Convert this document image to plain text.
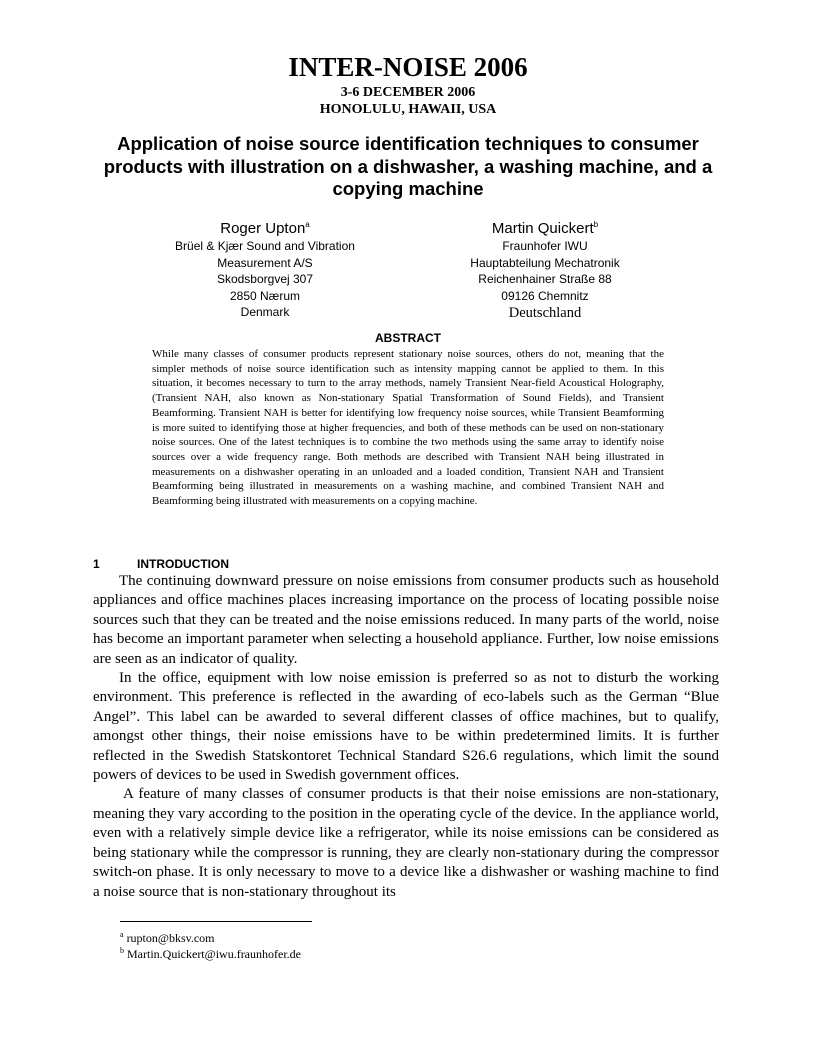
INTER-NOISE 2006
3-6 DECEMBER 2006
HONOLULU, HAWAII, USA
Application of noise source identification techniques to consumer products with illustration on a dishwasher, a washing machine, and a copying machine
Roger Upton$^a$
Brüel & Kjær Sound and Vibration
Measurement A/S
Skodsborgvej 307
2850 Nærum
Denmark
Martin Quickert$^b$
Fraunhofer IWU
Hauptabteilung Mechatronik
Reichenhainer Straße 88
09126 Chemnitz
Deutschland
ABSTRACT
While many classes of consumer products represent stationary noise sources, others do not, meaning that the simpler methods of noise source identification such as intensity mapping cannot be applied to them. In this situation, it becomes necessary to turn to the array methods, namely Transient Near-field Acoustical Holography, (Transient NAH, also known as Non-stationary Spatial Transformation of Sound Fields), and Transient Beamforming. Transient NAH is better for identifying low frequency noise sources, while Transient Beamforming is more suited to identifying those at higher frequencies, and both of these methods can be used on non-stationary noise sources. One of the latest techniques is to combine the two methods using the same array to identify noise sources over a wide frequency range. Both methods are described with Transient NAH being illustrated in measurements on a dishwasher operating in an unloaded and a loaded condition, Transient NAH and Transient Beamforming being illustrated in measurements on a washing machine, and combined Transient NAH and Beamforming being illustrated with measurements on a copying machine.
1	INTRODUCTION

The continuing downward pressure on noise emissions from consumer products such as household appliances and office machines places increasing importance on the process of locating possible noise sources such that they can be treated and the noise emissions reduced. In many parts of the world, noise has become an important parameter when selecting a household appliance. Further, low noise emissions are seen as an indicator of quality.

In the office, equipment with low noise emission is preferred so as not to disturb the working environment. This preference is reflected in the awarding of eco-labels such as the German “Blue Angel”. This label can be awarded to several different classes of office machines, but to qualify, amongst other things, their noise emissions have to be within predetermined limits. It is further reflected in the Swedish Statskontoret Technical Standard S26.6 regulations, which limit the sound powers of devices to be used in Swedish government offices.

A feature of many classes of consumer products is that their noise emissions are non-stationary, meaning they vary according to the position in the operating cycle of the device. In the appliance world, even with a relatively simple device like a refrigerator, while its noise emissions can be considered as being stationary while the compressor is running, they are clearly non-stationary during the compressor switch-on phase. It is only necessary to move to a device like a dishwasher or washing machine to find a noise source that is non-stationary throughout its

$^a$ rupton@bksv.com
$^b$ Martin.Quickert@iwu.fraunhofer.de
